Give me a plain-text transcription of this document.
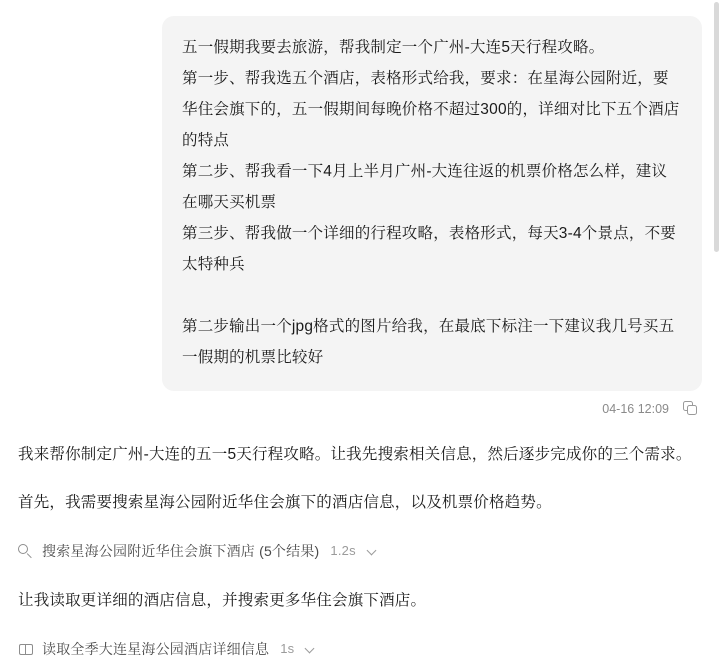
五一假期我要去旅游，帮我制定一个广州-大连5天行程攻略。

第一步、帮我选五个酒店，表格形式给我，要求：在星海公园附近，要华住会旗下的，五一假期间每晚价格不超过300的，详细对比下五个酒店的特点

第二步、帮我看一下4月上半月广州-大连往返的机票价格怎么样，建议在哪天买机票

第三步、帮我做一个详细的行程攻略，表格形式，每天3-4个景点，不要太特种兵

第二步输出一个jpg格式的图片给我，在最底下标注一下建议我几号买五一假期的机票比较好

04-16 12:09

我来帮你制定广州-大连的五一5天行程攻略。让我先搜索相关信息，然后逐步完成你的三个需求。

首先，我需要搜索星海公园附近华住会旗下的酒店信息，以及机票价格趋势。

搜索星海公园附近华住会旗下酒店 (5个结果) 1.2s

让我读取更详细的酒店信息，并搜索更多华住会旗下酒店。

读取全季大连星海公园酒店详细信息 1s
